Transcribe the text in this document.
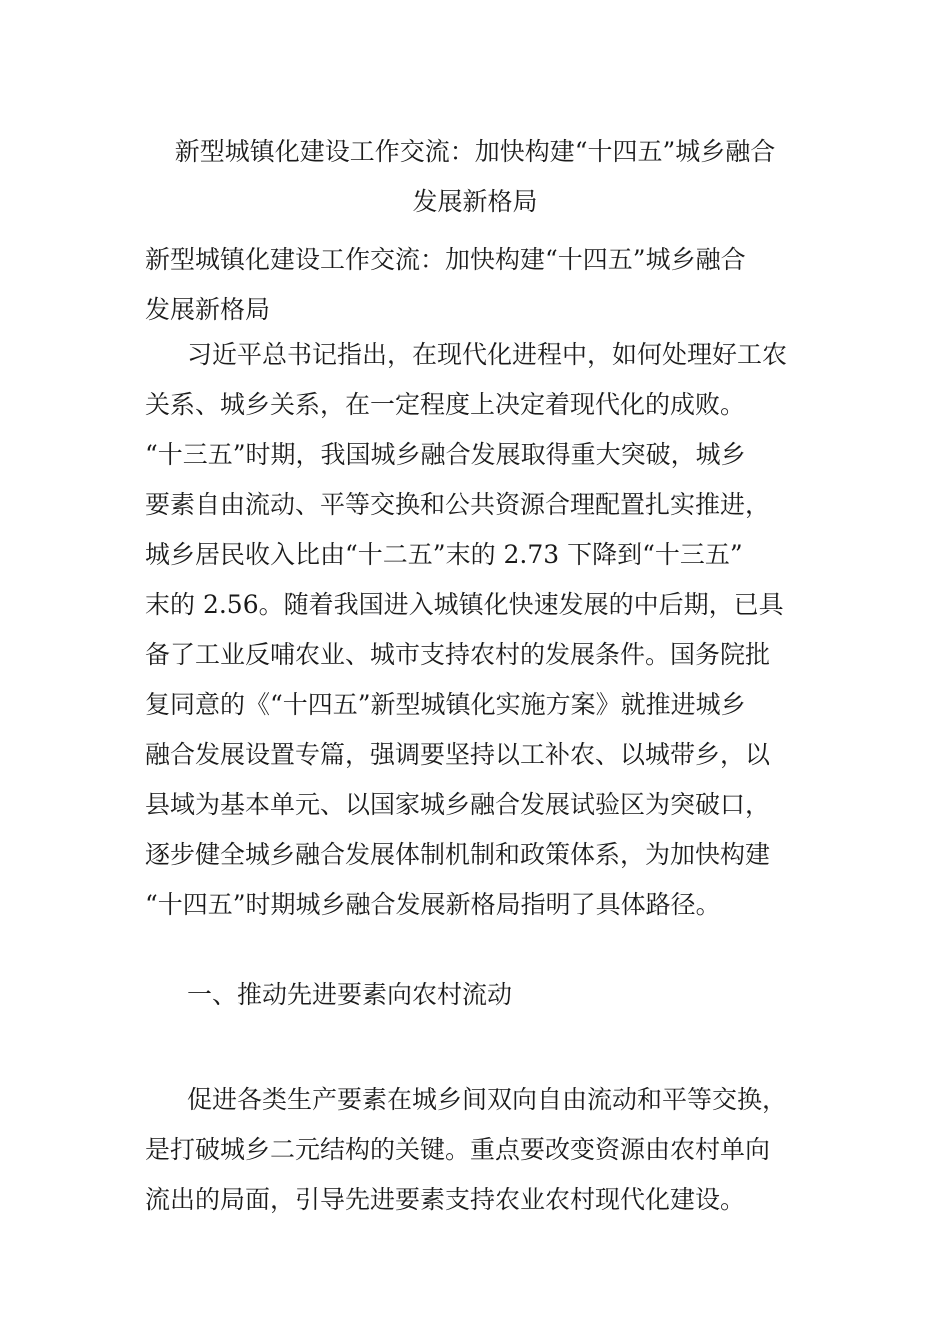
新型城镇化建设工作交流：加快构建“十四五”城乡融合
发展新格局
新型城镇化建设工作交流：加快构建“十四五”城乡融合
发展新格局
习近平总书记指出，在现代化进程中，如何处理好工农
关系、城乡关系，在一定程度上决定着现代化的成败。
“十三五”时期，我国城乡融合发展取得重大突破，城乡
要素自由流动、平等交换和公共资源合理配置扎实推进，
城乡居民收入比由“十二五”末的 2.73 下降到“十三五”
末的 2.56。随着我国进入城镇化快速发展的中后期，已具
备了工业反哺农业、城市支持农村的发展条件。国务院批
复同意的《“十四五”新型城镇化实施方案》就推进城乡
融合发展设置专篇，强调要坚持以工补农、以城带乡，以
县域为基本单元、以国家城乡融合发展试验区为突破口，
逐步健全城乡融合发展体制机制和政策体系，为加快构建
“十四五”时期城乡融合发展新格局指明了具体路径。
一、推动先进要素向农村流动
促进各类生产要素在城乡间双向自由流动和平等交换，
是打破城乡二元结构的关键。重点要改变资源由农村单向
流出的局面，引导先进要素支持农业农村现代化建设。
